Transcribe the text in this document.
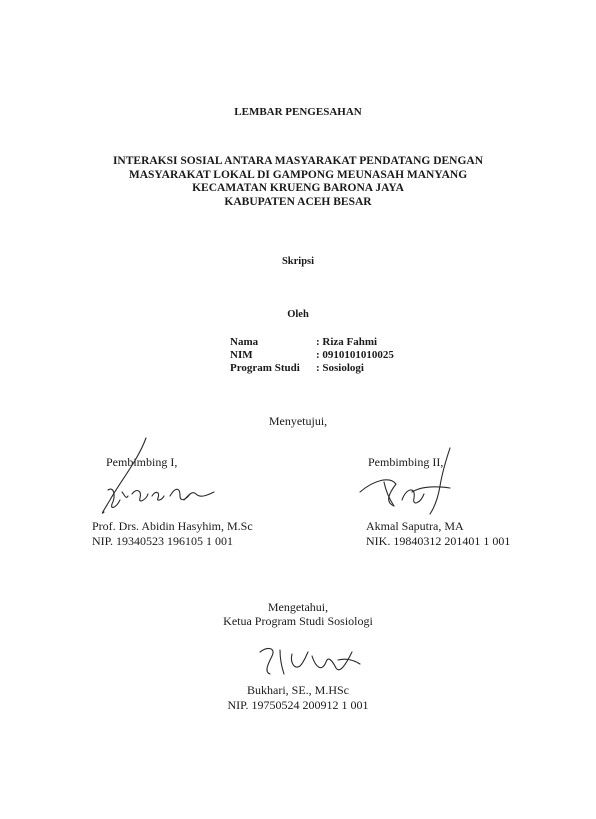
LEMBAR PENGESAHAN
INTERAKSI SOSIAL ANTARA MASYARAKAT PENDATANG DENGAN
MASYARAKAT LOKAL DI GAMPONG MEUNASAH MANYANG
KECAMATAN KRUENG BARONA JAYA
KABUPATEN ACEH BESAR
Skripsi
Oleh
Nama	: Riza Fahmi
NIM	: 0910101010025
Program Studi : Sosiologi
Menyetujui,
Pembimbing I,
Prof. Drs. Abidin Hasyhim, M.Sc
NIP. 19340523 196105 1 001
Pembimbing II,
Akmal Saputra, MA
NIK. 19840312 201401 1 001
Mengetahui,
Ketua Program Studi Sosiologi
Bukhari, SE., M.HSc
NIP. 19750524 200912 1 001
